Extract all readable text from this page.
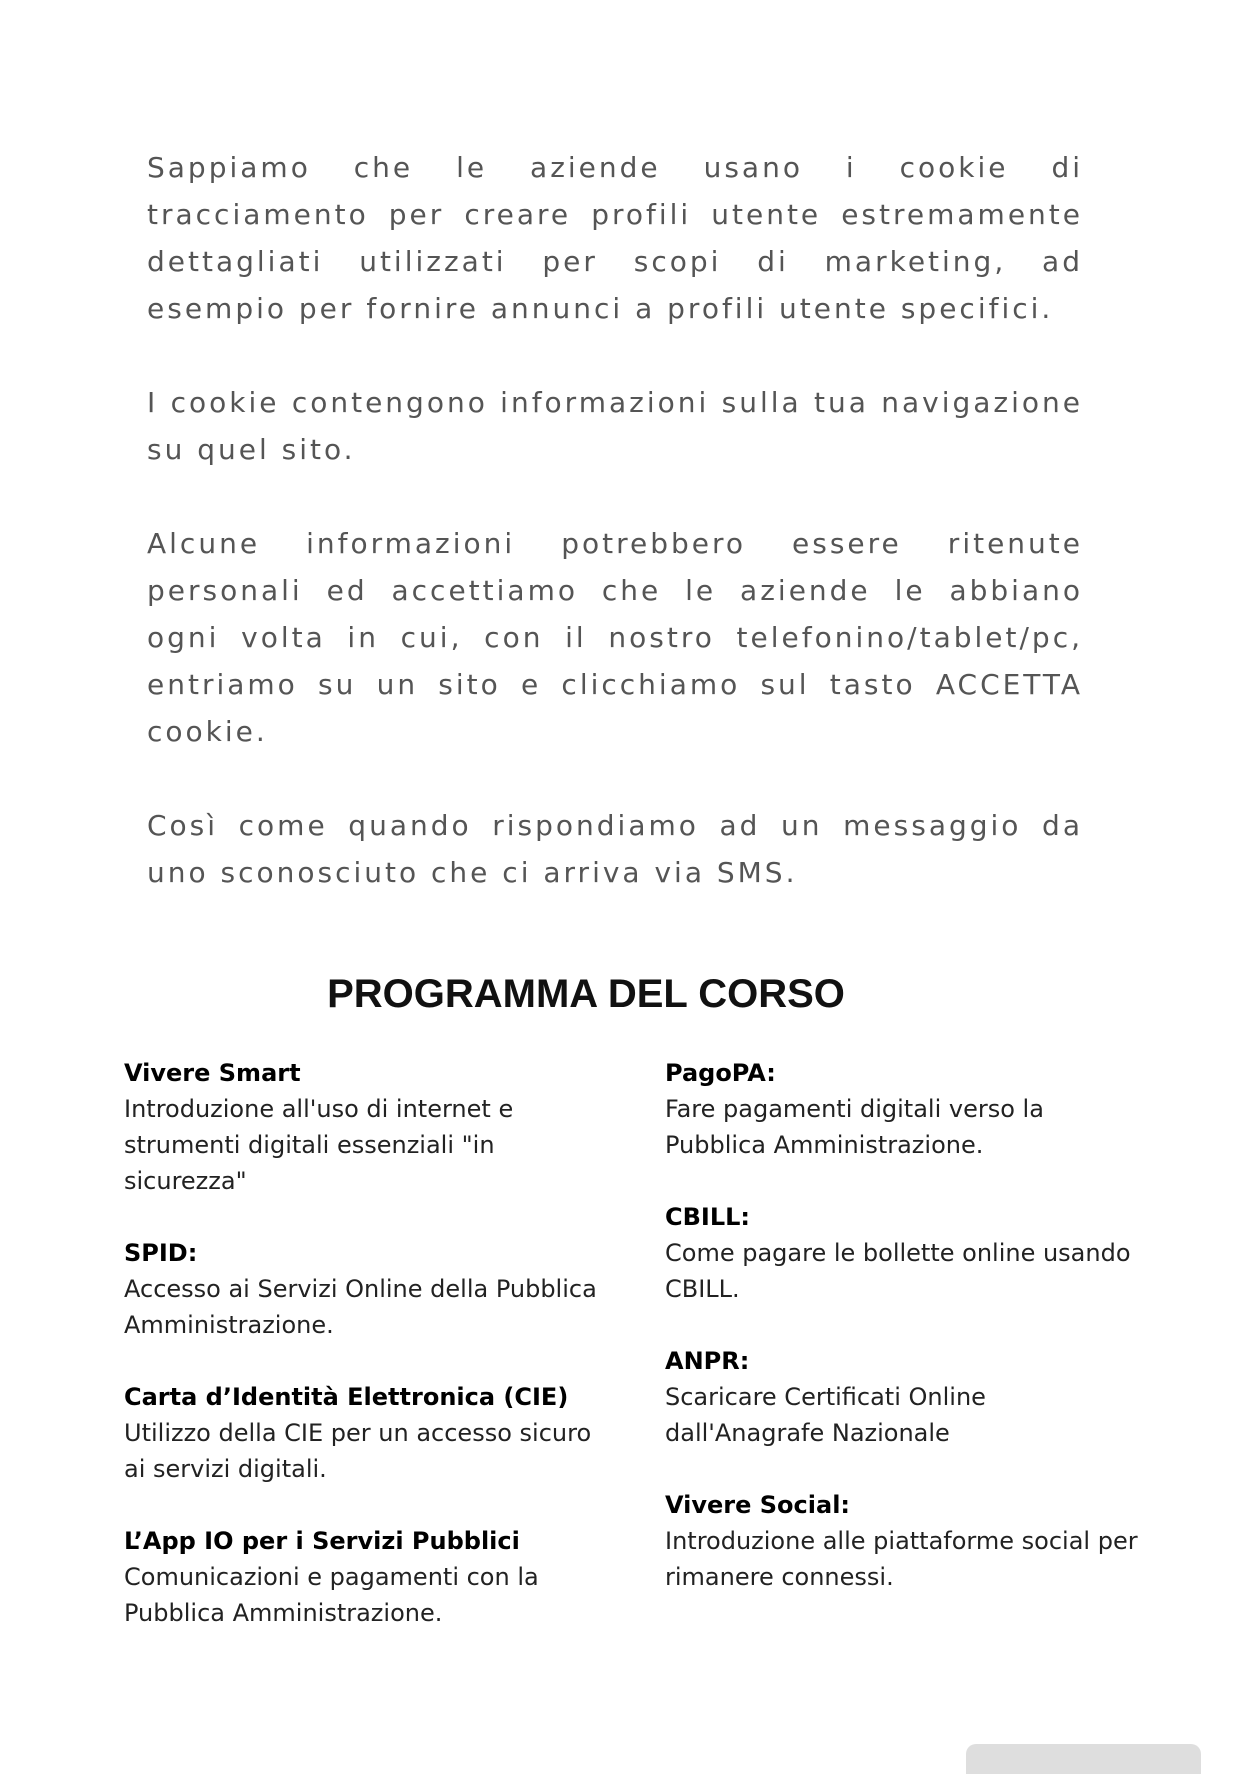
Sappiamo che le aziende usano i cookie di tracciamento per creare profili utente estremamente dettagliati utilizzati per scopi di marketing, ad esempio per fornire annunci a profili utente specifici.

I cookie contengono informazioni sulla tua navigazione su quel sito.

Alcune informazioni potrebbero essere ritenute personali ed accettiamo che le aziende le abbiano ogni volta in cui, con il nostro telefonino/tablet/pc, entriamo su un sito e clicchiamo sul tasto ACCETTA cookie.

Così come quando rispondiamo ad un messaggio da uno sconosciuto che ci arriva via SMS.

PROGRAMMA DEL CORSO
Vivere Smart
Introduzione all'uso di internet e strumenti digitali essenziali "in sicurezza"
SPID:
Accesso ai Servizi Online della Pubblica Amministrazione.
Carta d’Identità Elettronica (CIE)
Utilizzo della CIE per un accesso sicuro ai servizi digitali.
L’App IO per i Servizi Pubblici
Comunicazioni e pagamenti con la Pubblica Amministrazione.
PagoPA:
Fare pagamenti digitali verso la Pubblica Amministrazione.
CBILL:
Come pagare le bollette online usando CBILL.
ANPR:
Scaricare Certificati Online dall'Anagrafe Nazionale
Vivere Social:
Introduzione alle piattaforme social per rimanere connessi.
